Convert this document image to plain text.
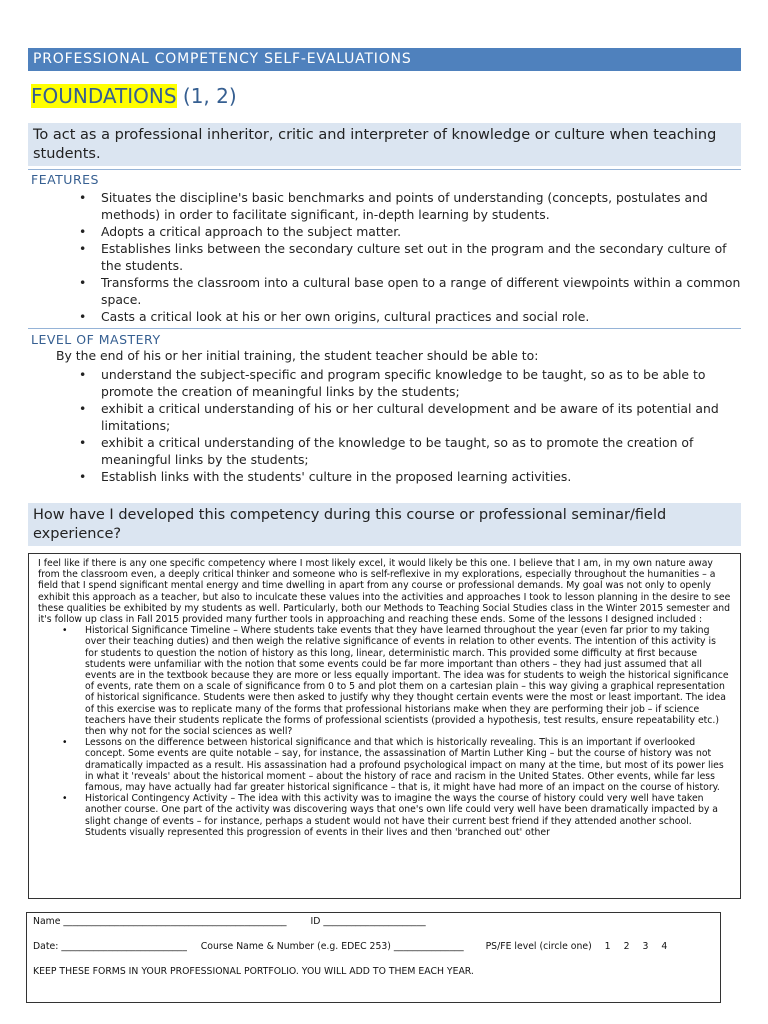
PROFESSIONAL COMPETENCY SELF-EVALUATIONS
FOUNDATIONS (1, 2)
To act as a professional inheritor, critic and interpreter of knowledge or culture when teaching students.
FEATURES
• Situates the discipline's basic benchmarks and points of understanding (concepts, postulates and methods) in order to facilitate significant, in-depth learning by students.
• Adopts a critical approach to the subject matter.
• Establishes links between the secondary culture set out in the program and the secondary culture of the students.
• Transforms the classroom into a cultural base open to a range of different viewpoints within a common space.
• Casts a critical look at his or her own origins, cultural practices and social role.
LEVEL OF MASTERY
By the end of his or her initial training, the student teacher should be able to:
• understand the subject-specific and program specific knowledge to be taught, so as to be able to promote the creation of meaningful links by the students;
• exhibit a critical understanding of his or her cultural development and be aware of its potential and limitations;
• exhibit a critical understanding of the knowledge to be taught, so as to promote the creation of meaningful links by the students;
• Establish links with the students' culture in the proposed learning activities.
How have I developed this competency during this course or professional seminar/field experience?

I feel like if there is any one specific competency where I most likely excel, it would likely be this one. I believe that I am, in my own nature away from the classroom even, a deeply critical thinker and someone who is self-reflexive in my explorations, especially throughout the humanities – a field that I spend significant mental energy and time dwelling in apart from any course or professional demands. My goal was not only to openly exhibit this approach as a teacher, but also to inculcate these values into the activities and approaches I took to lesson planning in the desire to see these qualities be exhibited by my students as well. Particularly, both our Methods to Teaching Social Studies class in the Winter 2015 semester and it's follow up class in Fall 2015 provided many further tools in approaching and reaching these ends. Some of the lessons I designed included :

• Historical Significance Timeline – Where students take events that they have learned throughout the year (even far prior to my taking over their teaching duties) and then weigh the relative significance of events in relation to other events. The intention of this activity is for students to question the notion of history as this long, linear, deterministic march. This provided some difficulty at first because students were unfamiliar with the notion that some events could be far more important than others – they had just assumed that all events are in the textbook because they are more or less equally important. The idea was for students to weigh the historical significance of events, rate them on a scale of significance from 0 to 5 and plot them on a cartesian plain – this way giving a graphical representation of historical significance. Students were then asked to justify why they thought certain events were the most or least important. The idea of this exercise was to replicate many of the forms that professional historians make when they are performing their job – if science teachers have their students replicate the forms of professional scientists (provided a hypothesis, test results, ensure repeatability etc.) then why not for the social sciences as well?
• Lessons on the difference between historical significance and that which is historically revealing. This is an important if overlooked concept. Some events are quite notable – say, for instance, the assassination of Martin Luther King – but the course of history was not dramatically impacted as a result. His assassination had a profound psychological impact on many at the time, but most of its power lies in what it 'reveals' about the historical moment – about the history of race and racism in the United States. Other events, while far less famous, may have actually had far greater historical significance – that is, it might have had more of an impact on the course of history.
• Historical Contingency Activity – The idea with this activity was to imagine the ways the course of history could very well have taken another course. One part of the activity was discovering ways that one's own life could very well have been dramatically impacted by a slight change of events – for instance, perhaps a student would not have their current best friend if they attended another school. Students visually represented this progression of events in their lives and then 'branched out' other
Name ________________________________________________	ID ______________________
Date: ___________________________ Course Name & Number (e.g. EDEC 253) _______________ PS/FE level (circle one) 1 2 3 4
KEEP THESE FORMS IN YOUR PROFESSIONAL PORTFOLIO. YOU WILL ADD TO THEM EACH YEAR.
